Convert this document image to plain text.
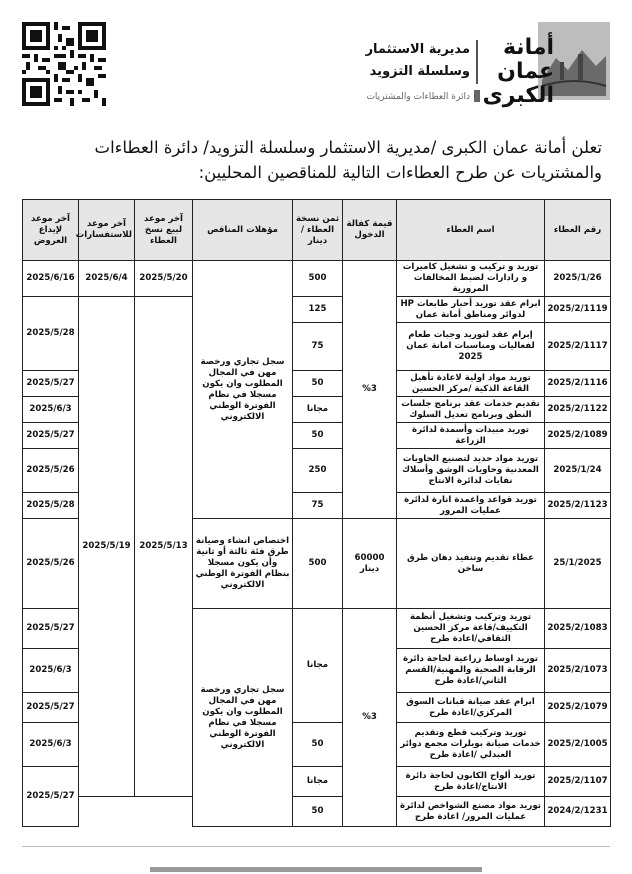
أمانة
عمان
الكبرى
مديرية الاستثمار
وسلسلة التزويد
دائرة العطاءات والمشتريات
تعلن أمانة عمان الكبرى /مديرية الاستثمار وسلسلة التزويد/ دائرة العطاءات والمشتريات عن طرح العطاءات التالية للمناقصين المحليين:
رقم العطاء	اسم العطاء	قيمة كفالة الدخول	ثمن نسخة العطاء /دينار	مؤهلات المناقص	آخر موعد لبيع نسخ العطاء	آخر موعد للاستفسارات	آخر موعد لإيداع العروض
2025/1/26	توريد و تركيب و تشغيل كاميرات و رادارات لضبط المخالفات المرورية	%3	500	سجل تجاري ورخصة مهن في المجال المطلوب وان يكون مسجلا في نظام الفوترة الوطني الالكتروني	2025/5/20	2025/6/4	2025/6/16
2025/2/1119	ابرام عقد توريد أحبار طابعات HP لدوائر ومناطق أمانة عمان		125		2025/5/13	2025/5/19	2025/5/28
2025/2/1117	إبرام عقد لتوريد وجبات طعام لفعاليات ومناسبات امانة عمان 2025		75				
2025/2/1116	توريد مواد اولية لاعادة تأهيل القاعة الذكية /مركز الحسين		50				2025/5/27
2025/2/1122	تقديم خدمات عقد برنامج جلسات النطق وبرنامج تعديل السلوك		مجانا				2025/6/3
2025/2/1089	توريد مبيدات وأسمدة لدائرة الزراعة		50				2025/5/27
2025/1/24	توريد مواد حديد لتصنيع الحاويات المعدنية وحاويات الوشق وأسلاك نفايات لدائرة الانتاج		250				2025/5/26
2025/2/1123	توريد قواعد واعمدة انارة لدائرة عمليات المرور		75				2025/5/28
25/1/2025	عطاء تقديم وتنفيذ دهان طرق ساخن	60000 دينار	500	اختصاص انشاء وصيانة طرق فئة ثالثة أو ثانية وأن يكون مسجلا بنظام الفوترة الوطني الالكتروني			2025/5/26
2025/2/1083	توريد وتركيب وتشغيل أنظمة التكييف/قاعة مركز الحسين الثقافي/اعادة طرح	%3	مجانا	سجل تجاري ورخصة مهن في المجال المطلوب وان يكون مسجلا في نظام الفوترة الوطني الالكتروني			2025/5/27
2025/2/1073	توريد اوساط زراعية لحاجة دائرة الرقابة الصحية والمهنية/القسم الثاني/اعادة طرح						2025/6/3
2025/2/1079	ابرام عقد صيانة قبانات السوق المركزي/اعادة طرح						2025/5/27
2025/2/1005	توريد وتركيب قطع وتقديم خدمات صيانة بويلرات مجمع دوائر العبدلي /اعادة طرح		50				2025/6/3
2025/2/1107	توريد ألواح الكابون لحاجة دائرة الانتاج/اعادة طرح		مجانا				2025/5/27
2024/2/1231	توريد مواد مصنع الشواخص لدائرة عمليات المرور/ اعادة طرح		50				
